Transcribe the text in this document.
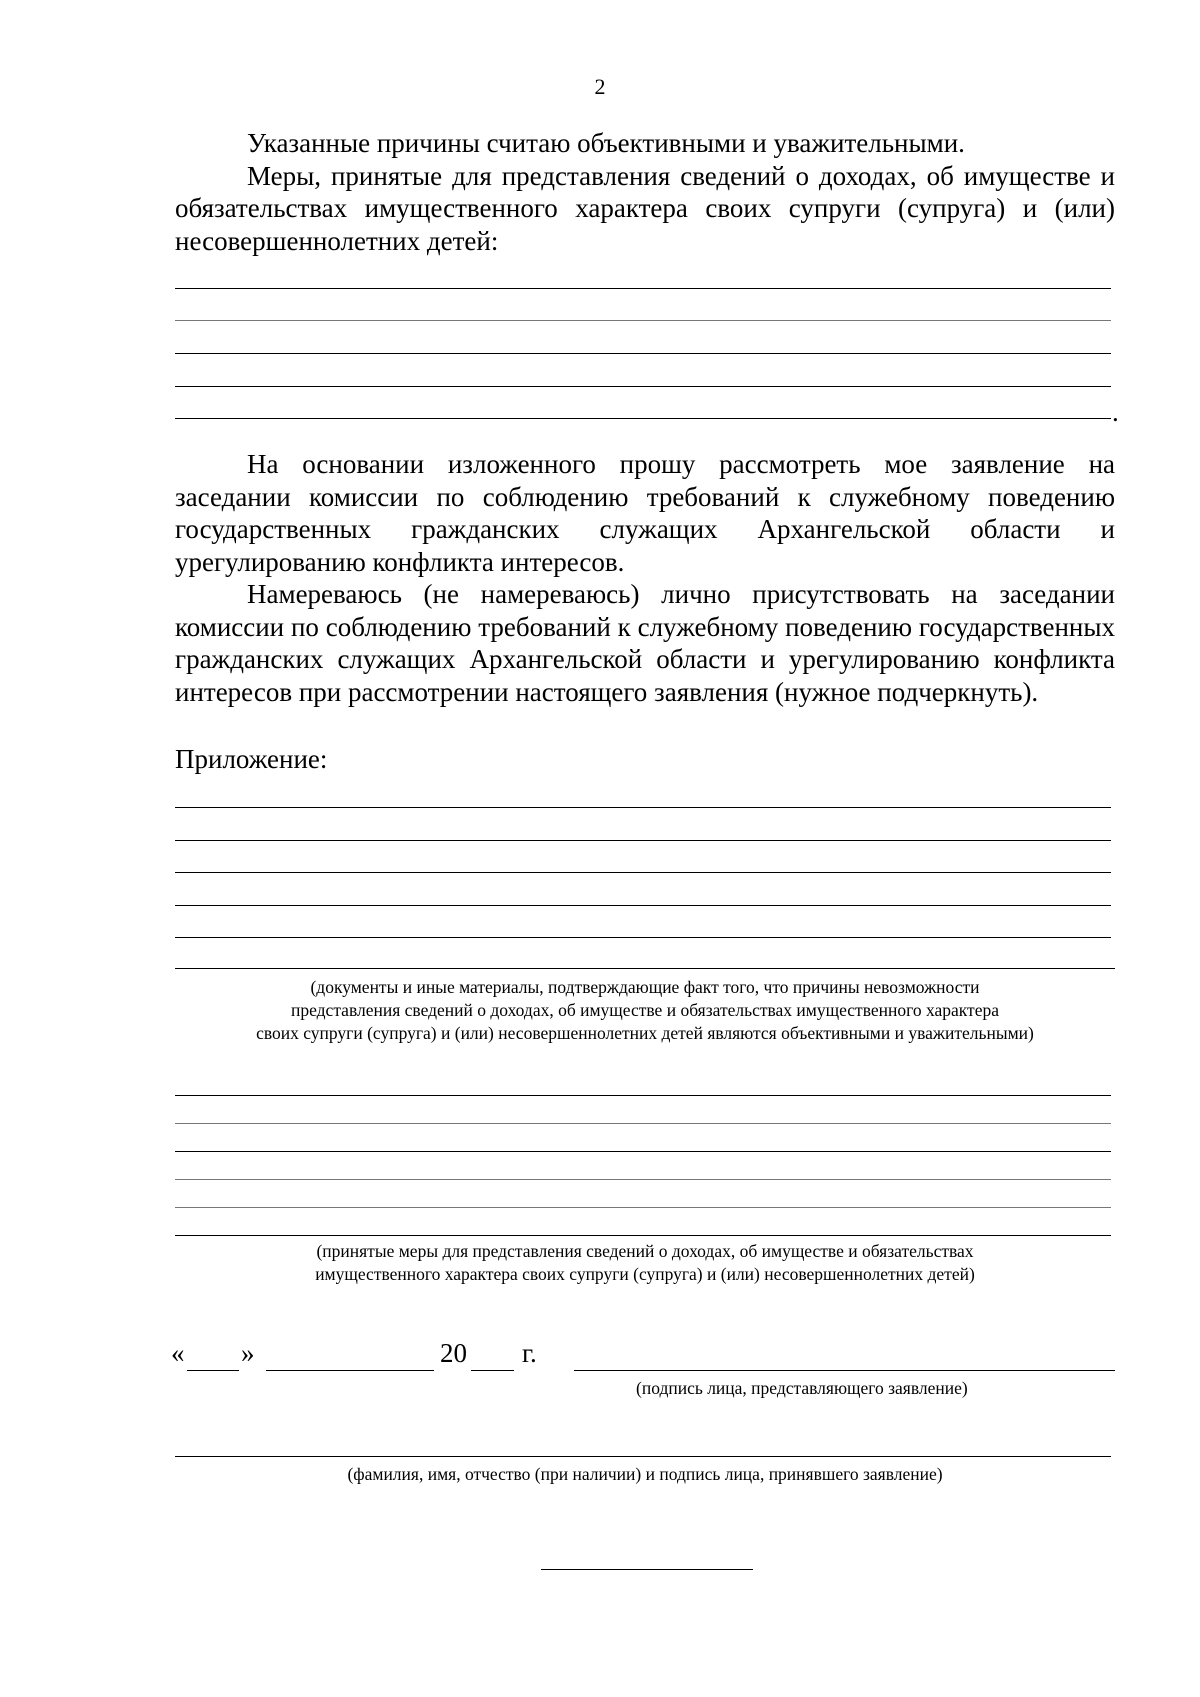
2
Указанные причины считаю объективными и уважительными.
Меры, принятые для представления сведений о доходах, об имуществе и обязательствах имущественного характера своих супруги (супруга) и (или) несовершеннолетних детей:
.
На основании изложенного прошу рассмотреть мое заявление на заседании комиссии по соблюдению требований к служебному поведению государственных гражданских служащих Архангельской области и урегулированию конфликта интересов.
Намереваюсь (не намереваюсь) лично присутствовать на заседании комиссии по соблюдению требований к служебному поведению государственных гражданских служащих Архангельской области и урегулированию конфликта интересов при рассмотрении настоящего заявления (нужное подчеркнуть).
Приложение:
(документы и иные материалы, подтверждающие факт того, что причины невозможности
представления сведений о доходах, об имуществе и обязательствах имущественного характера
своих супруги (супруга) и (или) несовершеннолетних детей являются объективными и уважительными)
(принятые меры для представления сведений о доходах, об имуществе и обязательствах
имущественного характера своих супруги (супруга) и (или) несовершеннолетних детей)
« »	20 г.
(подпись лица, представляющего заявление)
(фамилия, имя, отчество (при наличии) и подпись лица, принявшего заявление)
